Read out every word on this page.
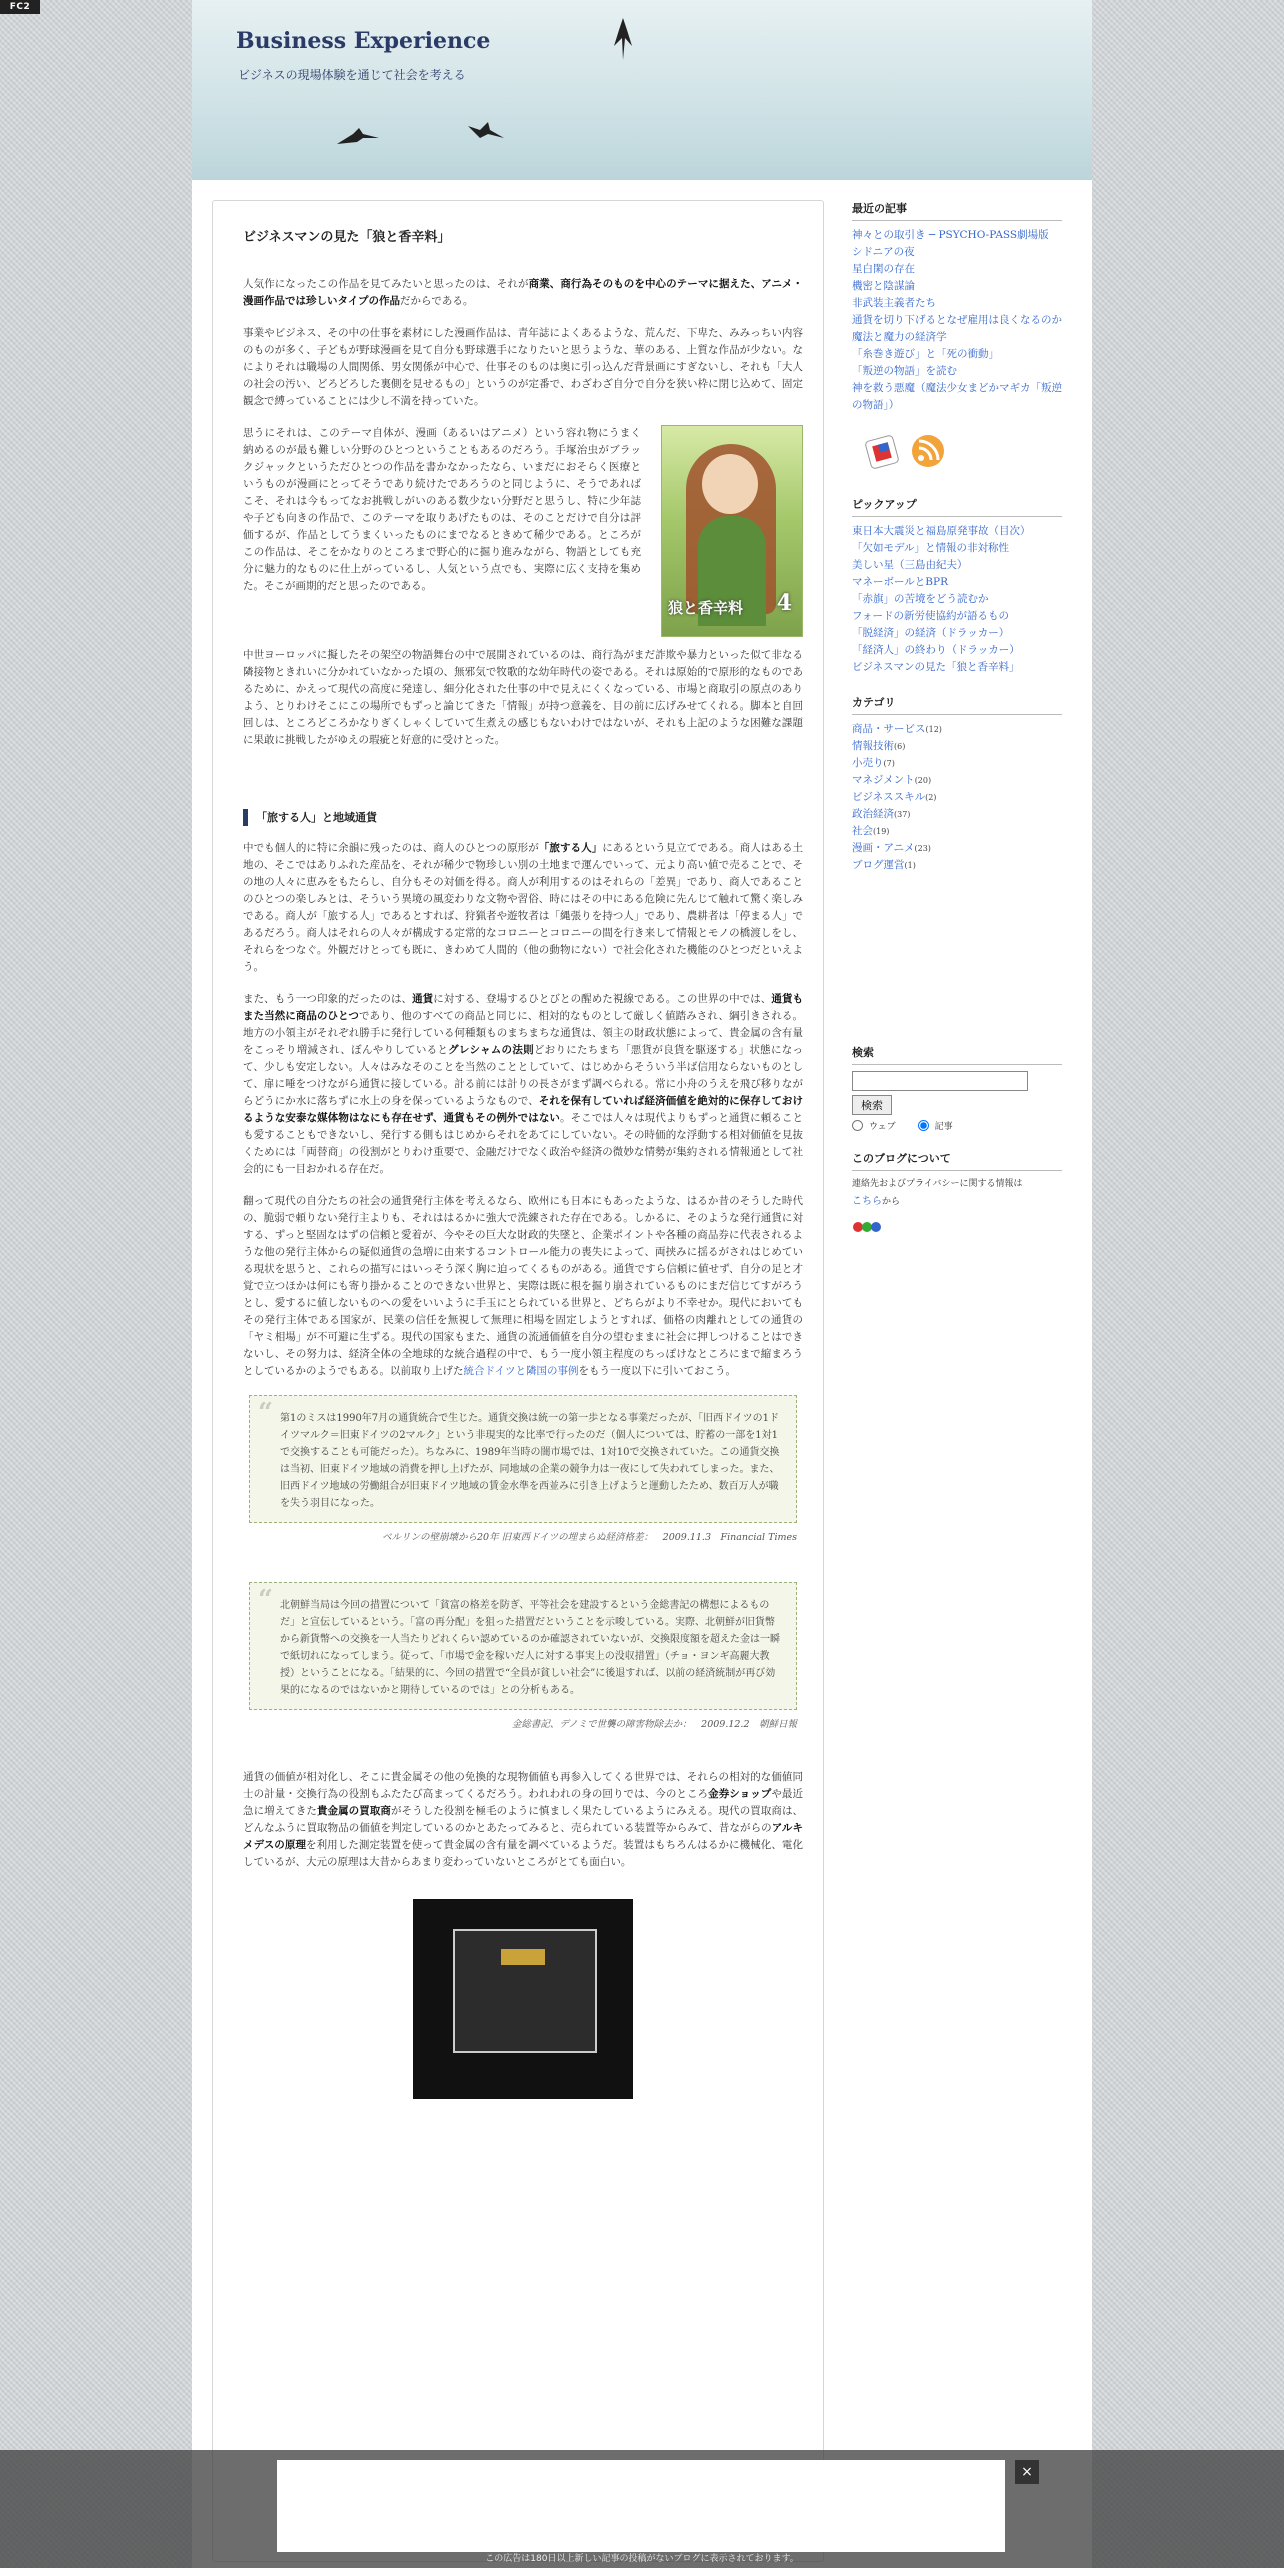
FC2
Business Experience
ビジネスの現場体験を通じて社会を考える
ビジネスマンの見た「狼と香辛料」

人気作になったこの作品を見てみたいと思ったのは、それが商業、商行為そのものを中心のテーマに据えた、アニメ・漫画作品では珍しいタイプの作品だからである。

事業やビジネス、その中の仕事を素材にした漫画作品は、青年誌によくあるような、荒んだ、下卑た、みみっちい内容のものが多く、子どもが野球漫画を見て自分も野球選手になりたいと思うような、華のある、上質な作品が少ない。なによりそれは職場の人間関係、男女関係が中心で、仕事そのものは奥に引っ込んだ背景画にすぎないし、それも「大人の社会の汚い、どろどろした裏側を見せるもの」というのが定番で、わざわざ自分で自分を狭い枠に閉じ込めて、固定観念で縛っていることには少し不満を持っていた。

狼と香辛料 4

思うにそれは、このテーマ自体が、漫画（あるいはアニメ）という容れ物にうまく納めるのが最も難しい分野のひとつということもあるのだろう。手塚治虫がブラックジャックというただひとつの作品を書かなかったなら、いまだにおそらく医療というものが漫画にとってそうであり続けたであろうのと同じように、そうであればこそ、それは今もってなお挑戦しがいのある数少ない分野だと思うし、特に少年誌や子ども向きの作品で、このテーマを取りあげたものは、そのことだけで自分は評価するが、作品としてうまくいったものにまでなるときめて稀少である。ところがこの作品は、そこをかなりのところまで野心的に掘り進みながら、物語としても充分に魅力的なものに仕上がっているし、人気という点でも、実際に広く支持を集めた。そこが画期的だと思ったのである。

中世ヨーロッパに擬したその架空の物語舞台の中で展開されているのは、商行為がまだ詐欺や暴力といった似て非なる隣接物ときれいに分かれていなかった頃の、無邪気で牧歌的な幼年時代の姿である。それは原始的で原形的なものであるために、かえって現代の高度に発達し、細分化された仕事の中で見えにくくなっている、市場と商取引の原点のありよう、とりわけそこにこの場所でもずっと論じてきた「情報」が持つ意義を、目の前に広げみせてくれる。脚本と自回回しは、ところどころかなりぎくしゃくしていて生煮えの感じもないわけではないが、それも上記のような困難な課題に果敢に挑戦したがゆえの瑕疵と好意的に受けとった。

「旅する人」と地域通貨

中でも個人的に特に余韻に残ったのは、商人のひとつの原形が「旅する人」にあるという見立てである。商人はある土地の、そこではありふれた産品を、それが稀少で物珍しい別の土地まで運んでいって、元より高い値で売ることで、その地の人々に恵みをもたらし、自分もその対価を得る。商人が利用するのはそれらの「差異」であり、商人であることのひとつの楽しみとは、そういう異境の風変わりな文物や習俗、時にはその中にある危険に先んじて触れて驚く楽しみである。商人が「旅する人」であるとすれば、狩猟者や遊牧者は「縄張りを持つ人」であり、農耕者は「停まる人」であるだろう。商人はそれらの人々が構成する定常的なコロニーとコロニーの間を行き来して情報とモノの橋渡しをし、それらをつなぐ。外観だけとっても既に、きわめて人間的（他の動物にない）で社会化された機能のひとつだといえよう。

また、もう一つ印象的だったのは、通貨に対する、登場するひとびとの醒めた視線である。この世界の中では、通貨もまた当然に商品のひとつであり、他のすべての商品と同じに、相対的なものとして厳しく値踏みされ、綱引きされる。地方の小領主がそれぞれ勝手に発行している何種類ものまちまちな通貨は、領主の財政状態によって、貴金属の含有量をこっそり増減され、ぼんやりしているとグレシャムの法則どおりにたちまち「悪貨が良貨を駆逐する」状態になって、少しも安定しない。人々はみなそのことを当然のこととしていて、はじめからそういう半ば信用ならないものとして、扉に唾をつけながら通貨に接している。計る前には計りの長さがまず調べられる。常に小舟のうえを飛び移りながらどうにか水に落ちずに水上の身を保っているようなもので、それを保有していれば経済価値を絶対的に保存しておけるような安泰な媒体物はなにも存在せず、通貨もその例外ではない。そこでは人々は現代よりもずっと通貨に頼ることも愛することもできないし、発行する側もはじめからそれをあてにしていない。その時価的な浮動する相対価値を見抜くためには「両替商」の役割がとりわけ重要で、金融だけでなく政治や経済の微妙な情勢が集約される情報通として社会的にも一目おかれる存在だ。

翻って現代の自分たちの社会の通貨発行主体を考えるなら、欧州にも日本にもあったような、はるか昔のそうした時代の、脆弱で頼りない発行主よりも、それははるかに強大で洗練された存在である。しかるに、そのような発行通貨に対する、ずっと堅固なはずの信頼と愛着が、今やその巨大な財政的失墜と、企業ポイントや各種の商品券に代表されるような他の発行主体からの疑似通貨の急増に由来するコントロール能力の喪失によって、両挟みに揺るがされはじめている現状を思うと、これらの描写にはいっそう深く胸に迫ってくるものがある。通貨ですら信頼に値せず、自分の足と才覚で立つほかは何にも寄り掛かることのできない世界と、実際は既に根を掘り崩されているものにまだ信じてすがろうとし、愛するに値しないものへの愛をいいように手玉にとられている世界と、どちらがより不幸せか。現代においてもその発行主体である国家が、民業の信任を無視して無理に相場を固定しようとすれば、価格の肉離れとしての通貨の「ヤミ相場」が不可避に生ずる。現代の国家もまた、通貨の流通価値を自分の望むままに社会に押しつけることはできないし、その努力は、経済全体の全地球的な統合過程の中で、もう一度小領主程度のちっぽけなところにまで縮まろうとしているかのようでもある。以前取り上げた統合ドイツと隣国の事例をもう一度以下に引いておこう。

“ 第1のミスは1990年7月の通貨統合で生じた。通貨交換は統一の第一歩となる事業だったが、「旧西ドイツの1ドイツマルク＝旧東ドイツの2マルク」という非現実的な比率で行ったのだ（個人については、貯蓄の一部を1対1で交換することも可能だった）。ちなみに、1989年当時の闇市場では、1対10で交換されていた。この通貨交換は当初、旧東ドイツ地域の消費を押し上げたが、同地域の企業の競争力は一夜にして失われてしまった。また、旧西ドイツ地域の労働組合が旧東ドイツ地域の賃金水準を西並みに引き上げようと運動したため、数百万人が職を失う羽目になった。
ベルリンの壁崩壊から20年 旧東西ドイツの埋まらぬ経済格差：　2009.11.3　Financial Times
“ 北朝鮮当局は今回の措置について「貧富の格差を防ぎ、平等社会を建設するという金総書記の構想によるものだ」と宣伝しているという。「富の再分配」を狙った措置だということを示唆している。実際、北朝鮮が旧貨幣から新貨幣への交換を一人当たりどれくらい認めているのか確認されていないが、交換限度額を超えた金は一瞬で紙切れになってしまう。従って、「市場で金を稼いだ人に対する事実上の没収措置」（チョ・ヨンギ高麗大教授）ということになる。「結果的に、今回の措置で“全員が貧しい社会”に後退すれば、以前の経済統制が再び効果的になるのではないかと期待しているのでは」との分析もある。
金総書記、デノミで世襲の障害物除去か：　2009.12.2　朝鮮日報

通貨の価値が相対化し、そこに貴金属その他の免換的な現物価値も再参入してくる世界では、それらの相対的な価値同士の計量・交換行為の役割もふたたび高まってくるだろう。われわれの身の回りでは、今のところ金券ショップや最近急に増えてきた貴金属の買取商がそうした役割を極毛のように慎ましく果たしているようにみえる。現代の買取商は、どんなふうに買取物品の価値を判定しているのかとあたってみると、売られている装置等からみて、昔ながらのアルキメデスの原理を利用した測定装置を使って貴金属の含有量を調べているようだ。装置はもちろんはるかに機械化、電化しているが、大元の原理は大昔からあまり変わっていないところがとても面白い。

最近の記事
神々との取引き ─ PSYCHO-PASS劇場版
シドニアの夜
星白閑の存在
機密と陰謀論
非武装主義者たち
通貨を切り下げるとなぜ雇用は良くなるのか
魔法と魔力の経済学
「糸巻き遊び」と「死の衝動」
「叛逆の物語」を読む
神を救う悪魔（魔法少女まどかマギカ「叛逆の物語」）
ピックアップ
東日本大震災と福島原発事故（目次）
「欠如モデル」と情報の非対称性
美しい星（三島由紀夫）
マネーボールとBPR
「赤旗」の苦境をどう読むか
フォードの新労使協約が語るもの
「脱経済」の経済（ドラッカー）
「経済人」の終わり（ドラッカー）
ビジネスマンの見た「狼と香辛料」
カテゴリ
商品・サービス(12)
情報技術(6)
小売り(7)
マネジメント(20)
ビジネススキル(2)
政治経済(37)
社会(19)
漫画・アニメ(23)
ブログ運営(1)
検索
検索
ウェブ	記事
このブログについて
連絡先およびプライバシーに関する情報は
こちらから
×
この広告は180日以上新しい記事の投稿がないブログに表示されております。
